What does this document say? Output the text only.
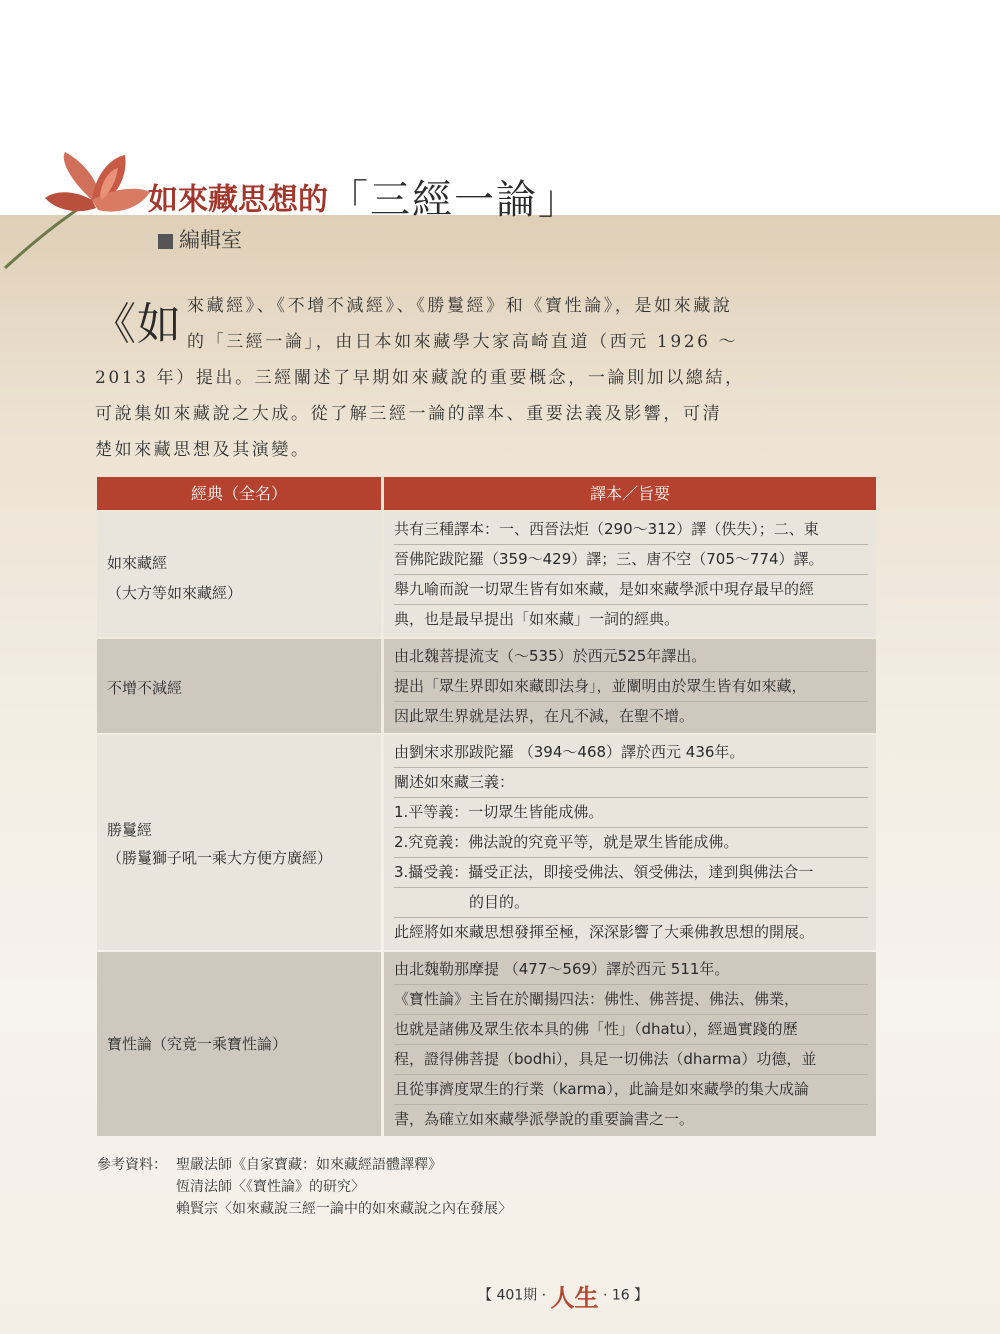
如來藏思想的「三經一論」
編輯室
《如 來藏經》、《不增不減經》、《勝鬘經》和《寶性論》，是如來藏說
的「三經一論」，由日本如來藏學大家高崎直道（西元 1926 ～
2013 年）提出。三經闡述了早期如來藏說的重要概念，一論則加以總結，
可說集如來藏說之大成。從了解三經一論的譯本、重要法義及影響，可清
楚如來藏思想及其演變。
經典（全名）	譯本／旨要
如來藏經
（大方等如來藏經）
共有三種譯本：一、西晉法炬（290～312）譯（佚失）；二、東
晉佛陀跋陀羅（359～429）譯；三、唐不空（705～774）譯。
舉九喻而說一切眾生皆有如來藏，是如來藏學派中現存最早的經
典，也是最早提出「如來藏」一詞的經典。
不增不減經
由北魏菩提流支（～535）於西元525年譯出。
提出「眾生界即如來藏即法身」，並闡明由於眾生皆有如來藏，
因此眾生界就是法界，在凡不減，在聖不增。
勝鬘經
（勝鬘獅子吼一乘大方便方廣經）
由劉宋求那跋陀羅 （394～468）譯於西元 436年。
闡述如來藏三義：
1.平等義：一切眾生皆能成佛。
2.究竟義：佛法說的究竟平等，就是眾生皆能成佛。
3.攝受義：攝受正法，即接受佛法、領受佛法，達到與佛法合一
　　　　　的目的。
此經將如來藏思想發揮至極，深深影響了大乘佛教思想的開展。
寶性論（究竟一乘寶性論）
由北魏勒那摩提 （477～569）譯於西元 511年。
《寶性論》主旨在於闡揚四法：佛性、佛菩提、佛法、佛業，
也就是諸佛及眾生依本具的佛「性」（dhatu），經過實踐的歷
程，證得佛菩提（bodhi），具足一切佛法（dharma）功德，並
且從事濟度眾生的行業（karma），此論是如來藏學的集大成論
書，為確立如來藏學派學說的重要論書之一。
參考資料： 聖嚴法師《自家寶藏：如來藏經語體譯釋》
恆清法師〈《寶性論》的研究〉
賴賢宗〈如來藏說三經一論中的如來藏說之內在發展〉
【 401期 · 人生 · 16 】
